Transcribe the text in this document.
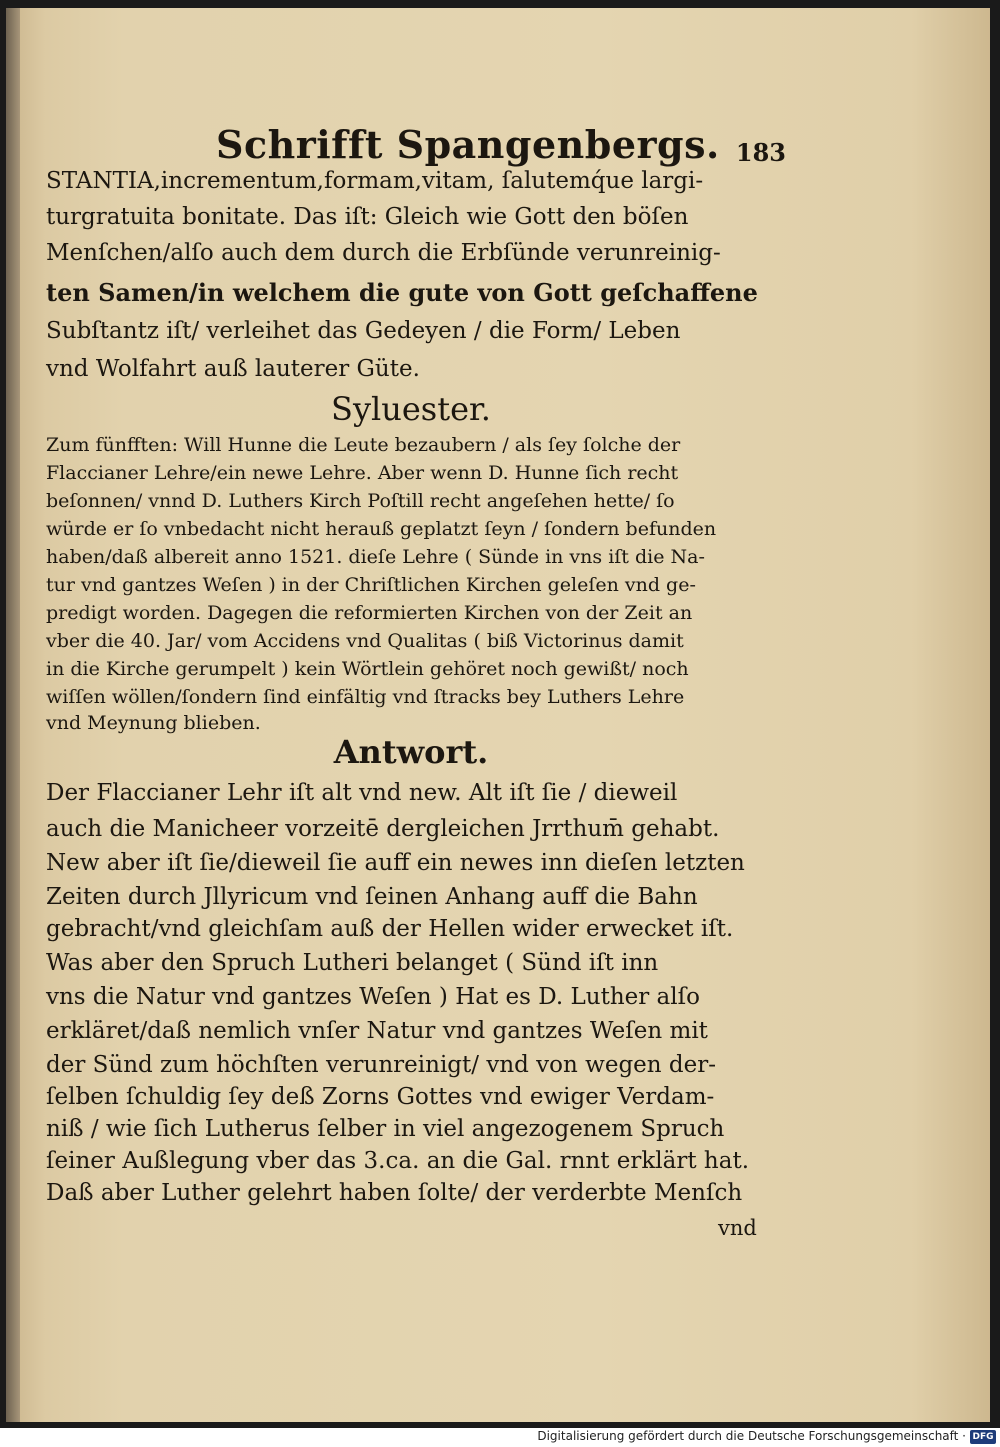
Schrifft Spangenbergs. 183
STANTIA,incrementum,formam,vitam, ſalutemq́ue largi-
turgratuita bonitate. Das iſt: Gleich wie Gott den böſen
Menſchen/alſo auch dem durch die Erbſünde verunreinig-
ten Samen/in welchem die gute von Gott geſchaffene
Subſtantz iſt/ verleihet das Gedeyen / die Form/ Leben
vnd Wolfahrt auß lauterer Güte.
Syluester.
Zum fünfften: Will Hunne die Leute bezaubern / als ſey ſolche der
Flaccianer Lehre/ein newe Lehre. Aber wenn D. Hunne ſich recht
beſonnen/ vnnd D. Luthers Kirch Poſtill recht angeſehen hette/ ſo
würde er ſo vnbedacht nicht herauß geplatzt ſeyn / ſondern befunden
haben/daß albereit anno 1521. dieſe Lehre ( Sünde in vns iſt die Na-
tur vnd gantzes Weſen ) in der Chriſtlichen Kirchen geleſen vnd ge-
predigt worden. Dagegen die reformierten Kirchen von der Zeit an
vber die 40. Jar/ vom Accidens vnd Qualitas ( biß Victorinus damit
in die Kirche gerumpelt ) kein Wörtlein gehöret noch gewißt/ noch
wiſſen wöllen/ſondern ſind einfältig vnd ſtracks bey Luthers Lehre
vnd Meynung blieben.
Antwort.
Der Flaccianer Lehr iſt alt vnd new. Alt iſt ſie / dieweil
auch die Manicheer vorzeitē dergleichen Jrrthum̄ gehabt.
New aber iſt ſie/dieweil ſie auff ein newes inn dieſen letzten
Zeiten durch Jllyricum vnd ſeinen Anhang auff die Bahn
gebracht/vnd gleichſam auß der Hellen wider erwecket iſt.
Was aber den Spruch Lutheri belanget ( Sünd iſt inn
vns die Natur vnd gantzes Weſen ) Hat es D. Luther alſo
erkläret/daß nemlich vnſer Natur vnd gantzes Weſen mit
der Sünd zum höchſten verunreinigt/ vnd von wegen der-
ſelben ſchuldig ſey deß Zorns Gottes vnd ewiger Verdam-
niß / wie ſich Lutherus ſelber in viel angezogenem Spruch
ſeiner Außlegung vber das 3.ca. an die Gal. rnnt erklärt hat.
Daß aber Luther gelehrt haben ſolte/ der verderbte Menſch
vnd
Digitalisierung gefördert durch die Deutsche Forschungsgemeinschaft · DFG
